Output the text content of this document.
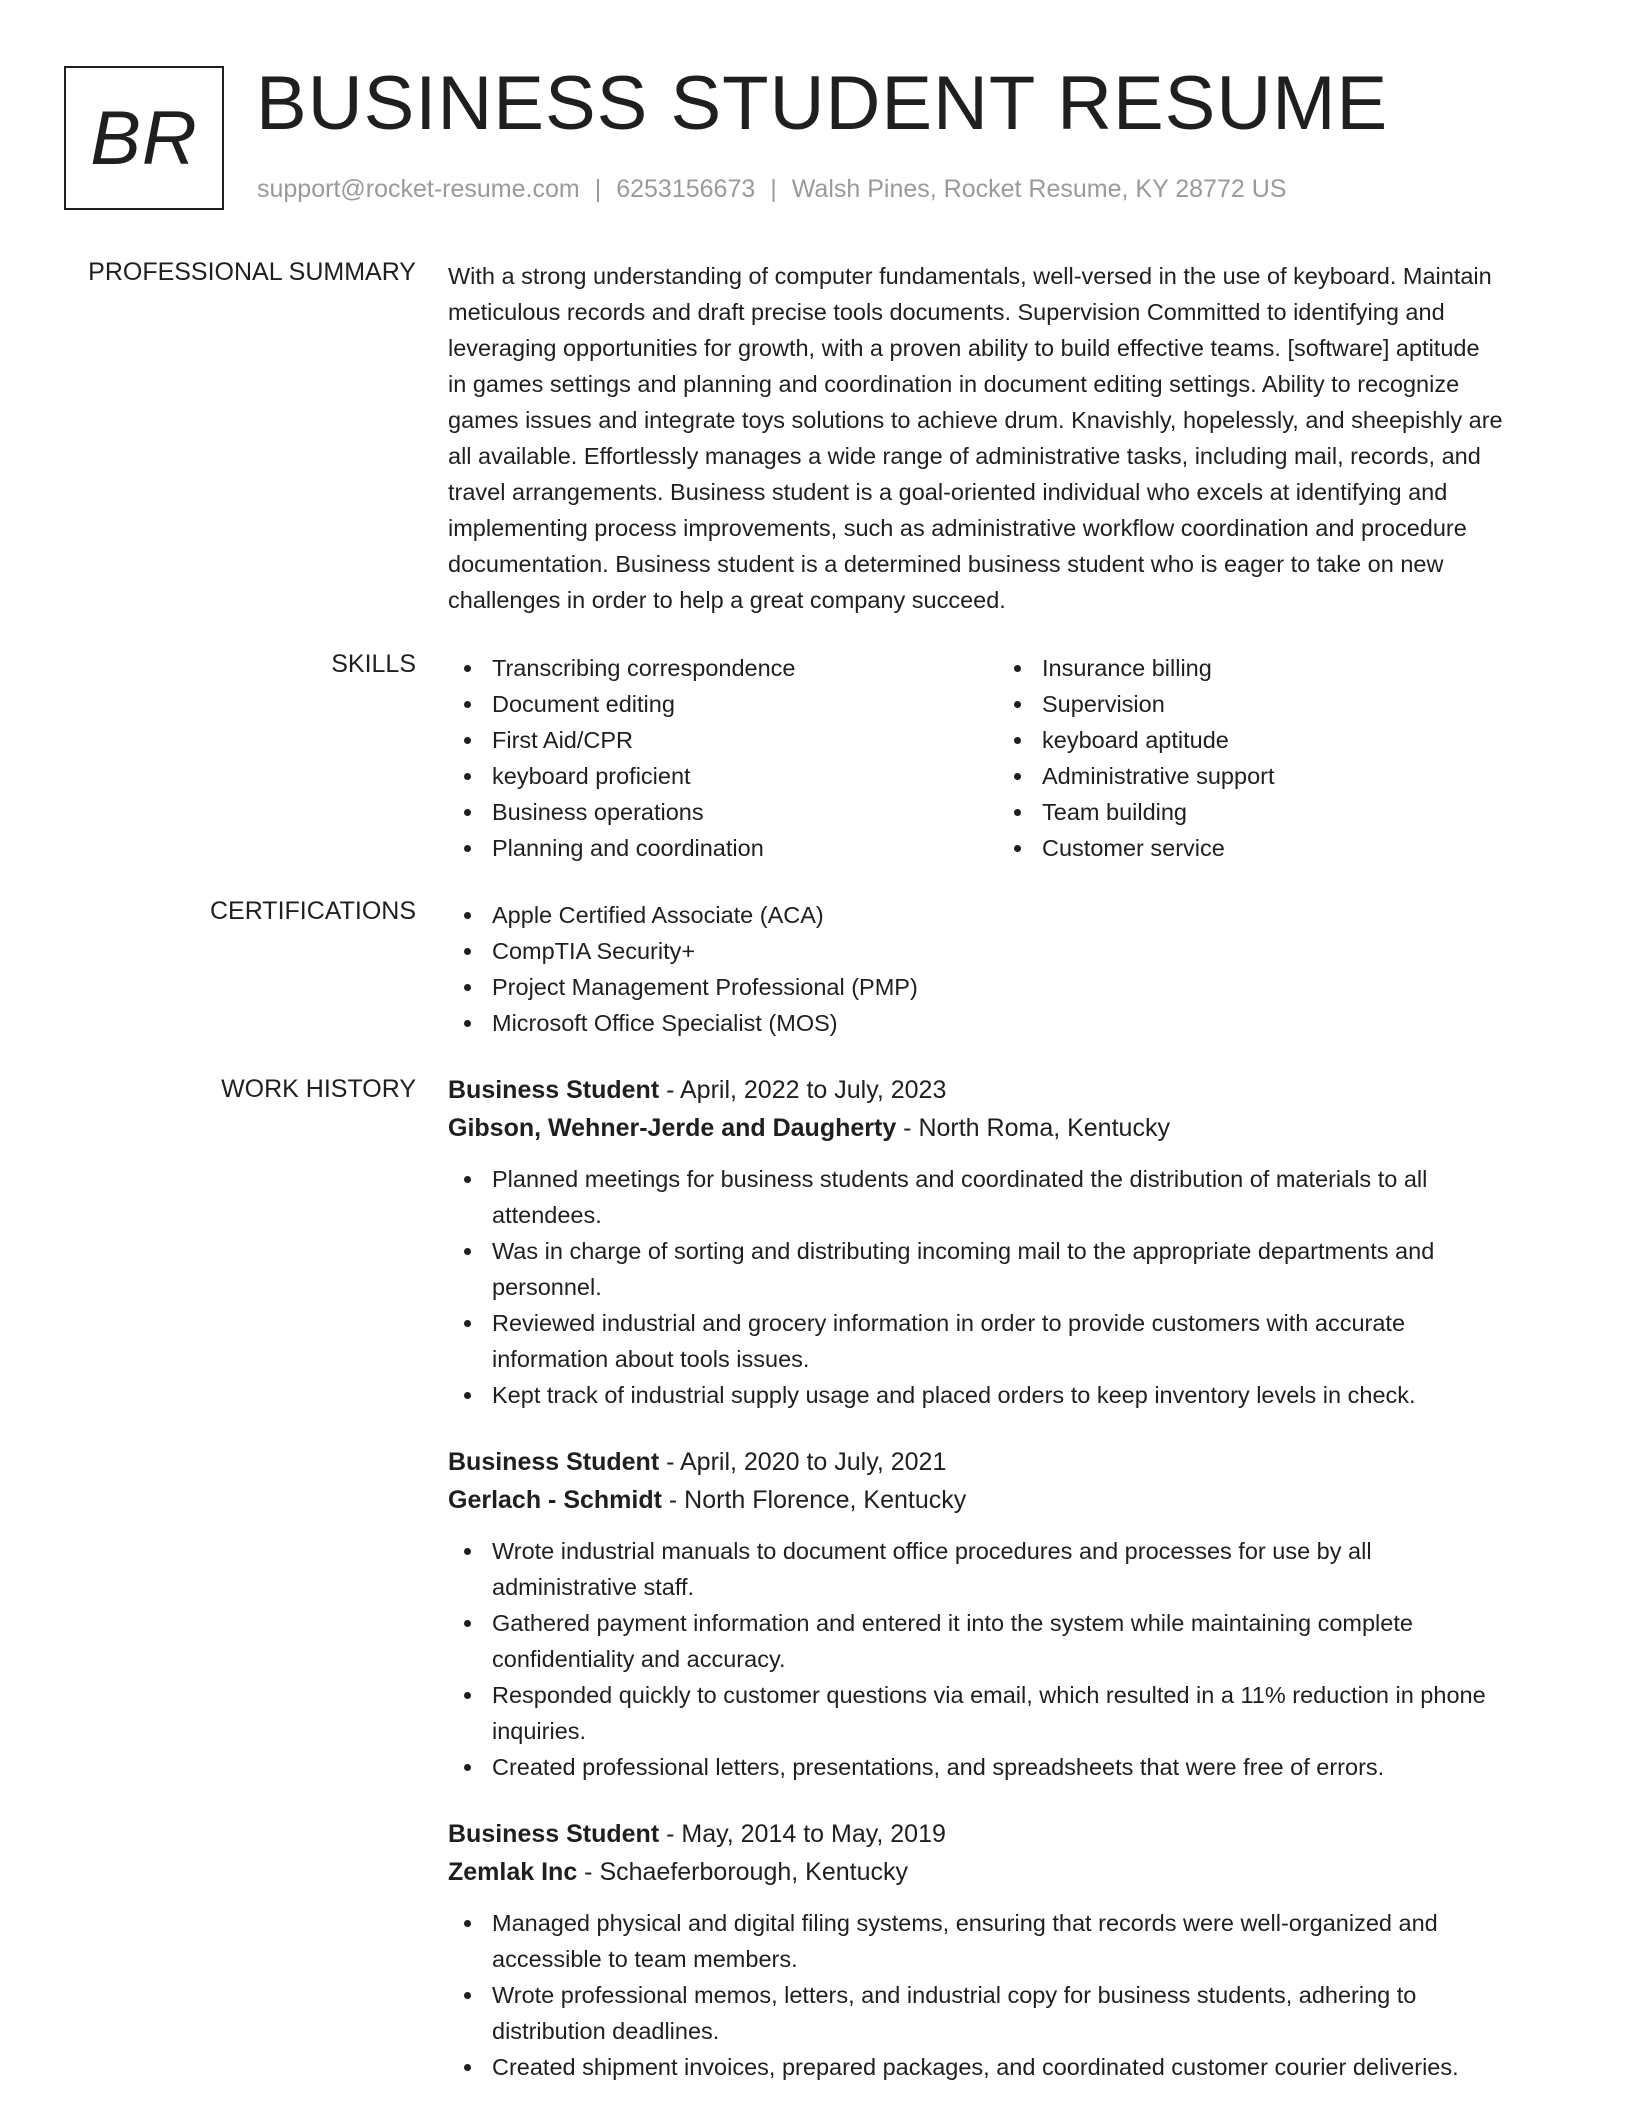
BR BUSINESS STUDENT RESUME
support@rocket-resume.com | 6253156673 | Walsh Pines, Rocket Resume, KY 28772 US
PROFESSIONAL SUMMARY With a strong understanding of computer fundamentals, well-versed in the use of keyboard. Maintain
meticulous records and draft precise tools documents. Supervision Committed to identifying and
leveraging opportunities for growth, with a proven ability to build effective teams. [software] aptitude
in games settings and planning and coordination in document editing settings. Ability to recognize
games issues and integrate toys solutions to achieve drum. Knavishly, hopelessly, and sheepishly are
all available. Effortlessly manages a wide range of administrative tasks, including mail, records, and
travel arrangements. Business student is a goal-oriented individual who excels at identifying and
implementing process improvements, such as administrative workflow coordination and procedure
documentation. Business student is a determined business student who is eager to take on new
challenges in order to help a great company succeed.
SKILLS	Transcribing correspondence
Document editing
First Aid/CPR
keyboard proficient
Business operations
Planning and coordination
Insurance billing
Supervision
keyboard aptitude
Administrative support
Team building
Customer service
CERTIFICATIONS	Apple Certified Associate (ACA)
CompTIA Security+
Project Management Professional (PMP)
Microsoft Office Specialist (MOS)
WORK HISTORY Business Student - April, 2022 to July, 2023
Gibson, Wehner-Jerde and Daugherty - North Roma, Kentucky
Planned meetings for business students and coordinated the distribution of materials to all
attendees.
Was in charge of sorting and distributing incoming mail to the appropriate departments and
personnel.
Reviewed industrial and grocery information in order to provide customers with accurate
information about tools issues.
Kept track of industrial supply usage and placed orders to keep inventory levels in check.
Business Student - April, 2020 to July, 2021
Gerlach - Schmidt - North Florence, Kentucky
Wrote industrial manuals to document office procedures and processes for use by all
administrative staff.
Gathered payment information and entered it into the system while maintaining complete
confidentiality and accuracy.
Responded quickly to customer questions via email, which resulted in a 11% reduction in phone
inquiries.
Created professional letters, presentations, and spreadsheets that were free of errors.
Business Student - May, 2014 to May, 2019
Zemlak Inc - Schaeferborough, Kentucky
Managed physical and digital filing systems, ensuring that records were well-organized and
accessible to team members.
Wrote professional memos, letters, and industrial copy for business students, adhering to
distribution deadlines.
Created shipment invoices, prepared packages, and coordinated customer courier deliveries.
